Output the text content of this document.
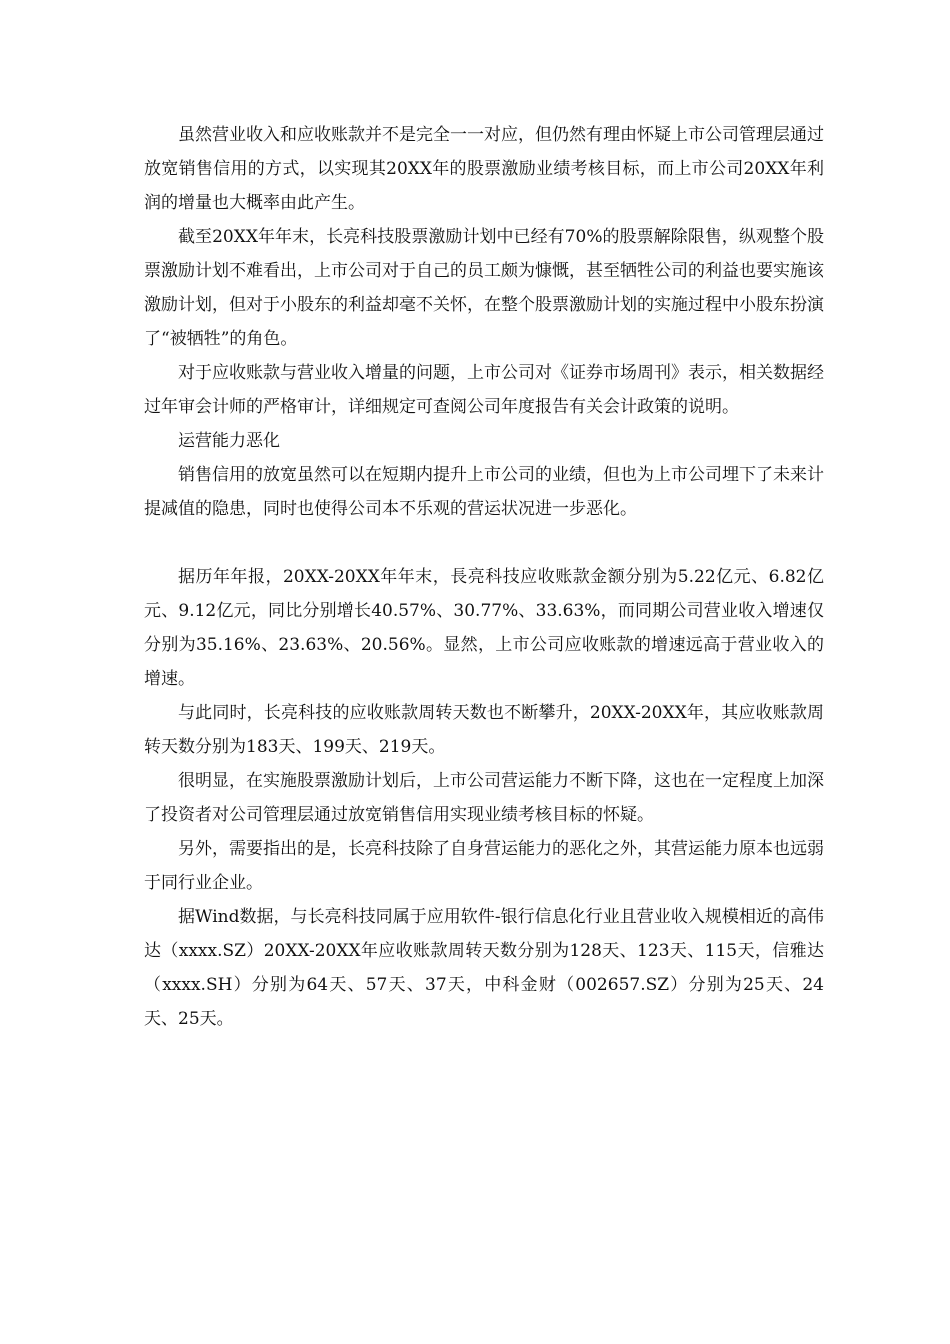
虽然营业收入和应收账款并不是完全一一对应，但仍然有理由怀疑上市公司管理层通过放宽销售信用的方式，以实现其20XX年的股票激励业绩考核目标，而上市公司20XX年利润的增量也大概率由此产生。

截至20XX年年末，长亮科技股票激励计划中已经有70%的股票解除限售，纵观整个股票激励计划不难看出，上市公司对于自己的员工颇为慷慨，甚至牺牲公司的利益也要实施该激励计划，但对于小股东的利益却毫不关怀，在整个股票激励计划的实施过程中小股东扮演了“被牺牲”的角色。

对于应收账款与营业收入增量的问题，上市公司对《证券市场周刊》表示，相关数据经过年审会计师的严格审计，详细规定可查阅公司年度报告有关会计政策的说明。

运营能力恶化

销售信用的放宽虽然可以在短期内提升上市公司的业绩，但也为上市公司埋下了未来计提减值的隐患，同时也使得公司本不乐观的营运状况进一步恶化。

据历年年报，20XX-20XX年年末，長亮科技应收账款金额分别为5.22亿元、6.82亿元、9.12亿元，同比分别增长40.57%、30.77%、33.63%，而同期公司营业收入增速仅分别为35.16%、23.63%、20.56%。显然，上市公司应收账款的增速远高于营业收入的增速。

与此同时，长亮科技的应收账款周转天数也不断攀升，20XX-20XX年，其应收账款周转天数分别为183天、199天、219天。

很明显，在实施股票激励计划后，上市公司营运能力不断下降，这也在一定程度上加深了投资者对公司管理层通过放宽销售信用实现业绩考核目标的怀疑。

另外，需要指出的是，长亮科技除了自身营运能力的恶化之外，其营运能力原本也远弱于同行业企业。

据Wind数据，与长亮科技同属于应用软件-银行信息化行业且营业收入规模相近的高伟达（xxxx.SZ）20XX-20XX年应收账款周转天数分别为128天、123天、115天，信雅达（xxxx.SH）分别为64天、57天、37天，中科金财（002657.SZ）分别为25天、24天、25天。
